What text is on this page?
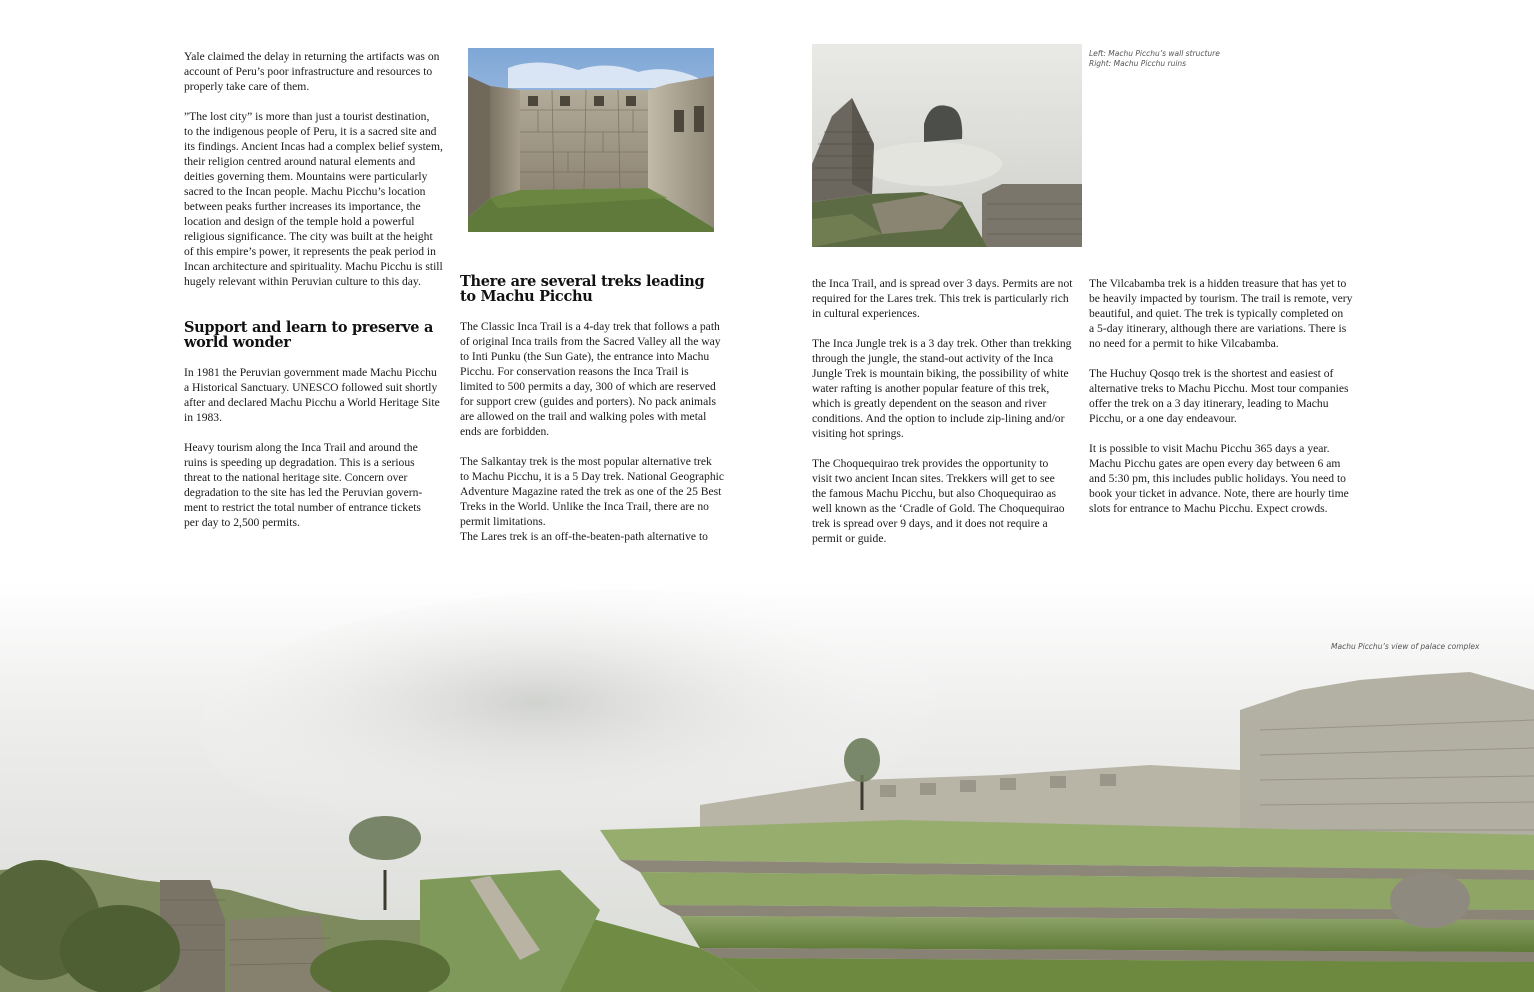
Yale claimed the delay in returning the artifacts was on account of Peru’s poor infrastructure and resources to properly take care of them.

”The lost city” is more than just a tourist destination,
to the indigenous people of Peru, it is a sacred site and
its findings. Ancient Incas had a complex belief system,
their religion centred around natural elements and
deities governing them. Mountains were particularly
sacred to the Incan people. Machu Picchu’s location
between peaks further increases its importance, the
location and design of the temple hold a powerful
religious significance. The city was built at the height
of this empire’s power, it represents the peak period in
Incan architecture and spirituality. Machu Picchu is still
hugely relevant within Peruvian culture to this day.

Support and learn to preserve a world wonder

In 1981 the Peruvian government made Machu Picchu
a Historical Sanctuary. UNESCO followed suit shortly
after and declared Machu Picchu a World Heritage Site
in 1983.

Heavy tourism along the Inca Trail and around the
ruins is speeding up degradation. This is a serious
threat to the national heritage site. Concern over
degradation to the site has led the Peruvian govern-
ment to restrict the total number of entrance tickets
per day to 2,500 permits.

There are several treks leading to Machu Picchu

The Classic Inca Trail is a 4-day trek that follows a path
of original Inca trails from the Sacred Valley all the way
to Inti Punku (the Sun Gate), the entrance into Machu
Picchu. For conservation reasons the Inca Trail is
limited to 500 permits a day, 300 of which are reserved
for support crew (guides and porters). No pack animals
are allowed on the trail and walking poles with metal
ends are forbidden.

The Salkantay trek is the most popular alternative trek
to Machu Picchu, it is a 5 Day trek. National Geographic
Adventure Magazine rated the trek as one of the 25 Best
Treks in the World. Unlike the Inca Trail, there are no
permit limitations.

The Lares trek is an off-the-beaten-path alternative to

Left: Machu Picchu’s wall structure
Right: Machu Picchu ruins

the Inca Trail, and is spread over 3 days. Permits are not
required for the Lares trek. This trek is particularly rich
in cultural experiences.

The Inca Jungle trek is a 3 day trek. Other than trekking
through the jungle, the stand-out activity of the Inca
Jungle Trek is mountain biking, the possibility of white
water rafting is another popular feature of this trek,
which is greatly dependent on the season and river
conditions. And the option to include zip-lining and/or
visiting hot springs.

The Choquequirao trek provides the opportunity to
visit two ancient Incan sites. Trekkers will get to see
the famous Machu Picchu, but also Choquequirao as
well known as the ‘Cradle of Gold. The Choquequirao
trek is spread over 9 days, and it does not require a
permit or guide.

The Vilcabamba trek is a hidden treasure that has yet to
be heavily impacted by tourism. The trail is remote, very
beautiful, and quiet. The trek is typically completed on
a 5-day itinerary, although there are variations. There is
no need for a permit to hike Vilcabamba.

The Huchuy Qosqo trek is the shortest and easiest of
alternative treks to Machu Picchu. Most tour companies
offer the trek on a 3 day itinerary, leading to Machu
Picchu, or a one day endeavour.

It is possible to visit Machu Picchu 365 days a year.
Machu Picchu gates are open every day between 6 am
and 5:30 pm, this includes public holidays. You need to
book your ticket in advance. Note, there are hourly time
slots for entrance to Machu Picchu. Expect crowds.

Machu Picchu’s view of palace complex
